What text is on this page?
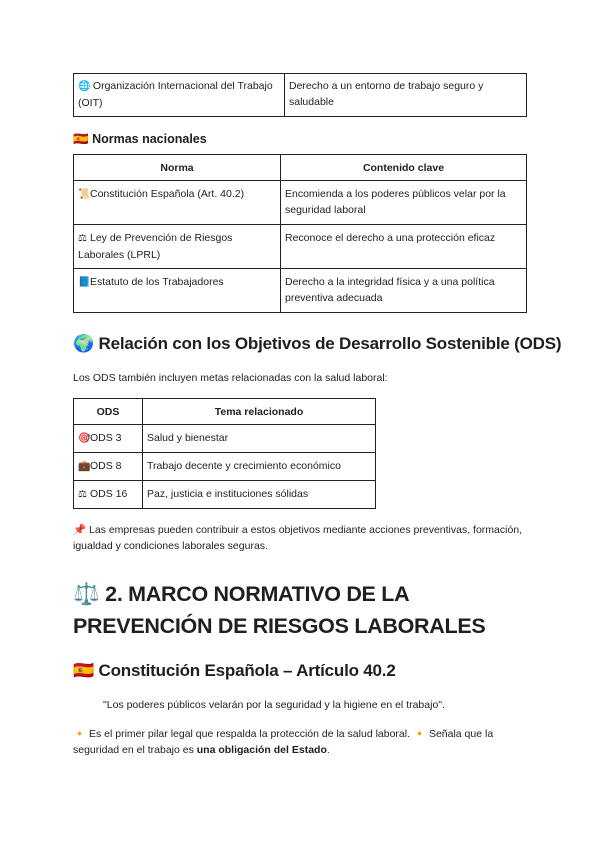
🌐 Organización Internacional del Trabajo (OIT)	Derecho a un entorno de trabajo seguro y saludable
🇪🇸 Normas nacionales
Norma	Contenido clave
📜Constitución Española (Art. 40.2)	Encomienda a los poderes públicos velar por la seguridad laboral
⚖ Ley de Prevención de Riesgos Laborales (LPRL)	Reconoce el derecho a una protección eficaz
📘Estatuto de los Trabajadores	Derecho a la integridad física y a una política preventiva adecuada
🌍 Relación con los Objetivos de Desarrollo Sostenible (ODS)
Los ODS también incluyen metas relacionadas con la salud laboral:
ODS	Tema relacionado
🎯ODS 3	Salud y bienestar
💼ODS 8	Trabajo decente y crecimiento económico
⚖ ODS 16	Paz, justicia e instituciones sólidas
📌 Las empresas pueden contribuir a estos objetivos mediante acciones preventivas, formación, igualdad y condiciones laborales seguras.
⚖️ 2. MARCO NORMATIVO DE LA
PREVENCIÓN DE RIESGOS LABORALES
🇪🇸 Constitución Española – Artículo 40.2
"Los poderes públicos velarán por la seguridad y la higiene en el trabajo".
🔸 Es el primer pilar legal que respalda la protección de la salud laboral. 🔸 Señala que la seguridad en el trabajo es una obligación del Estado.
